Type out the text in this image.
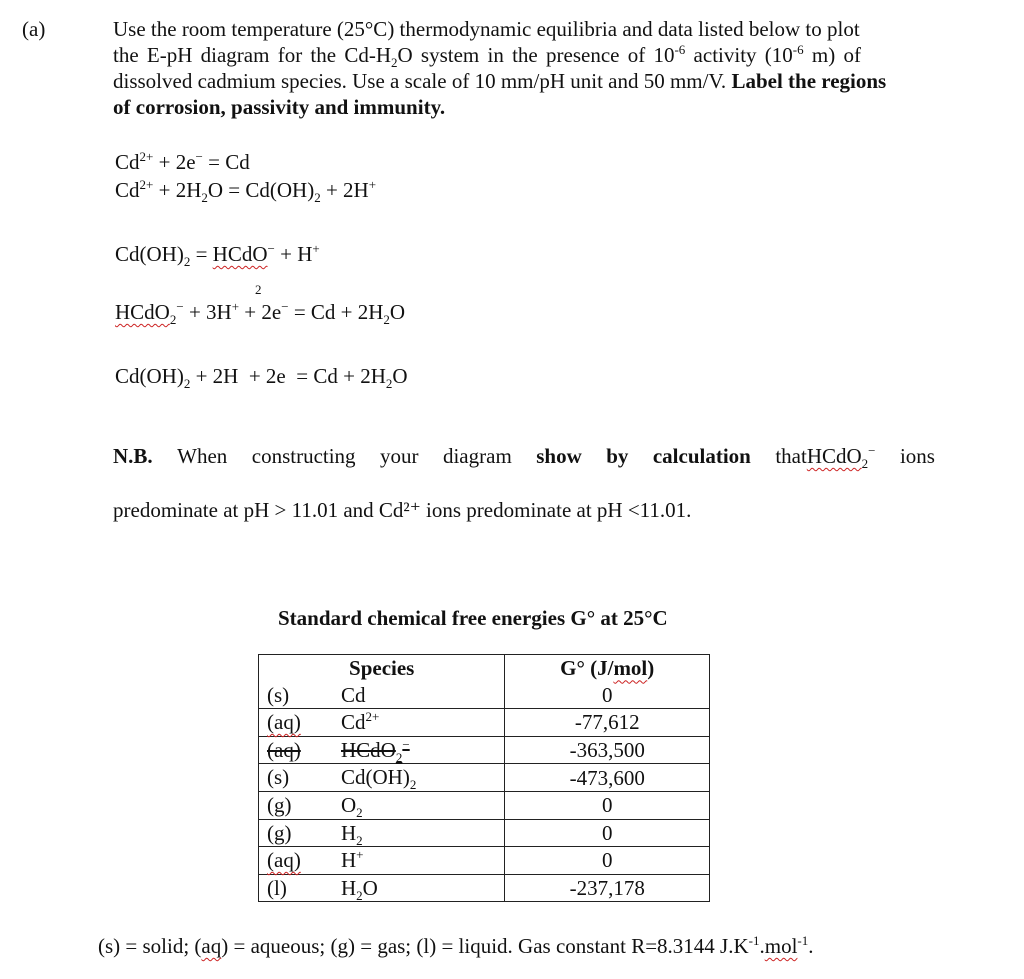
(a)	Use the room temperature (25°C) thermodynamic equilibria and data listed below to plot
the E-pH diagram for the $Cd-H_2O$ system in the presence of $10^{-6}$ activity ($10^{-6}$ m) of
dissolved cadmium species. Use a scale of 10 mm/pH unit and 50 mm/V. Label the regions
of corrosion, passivity and immunity.
$Cd^{2+} + 2e^- = Cd$
$Cd^{2+} + 2H_2O = Cd(OH)_2 + 2H^+$
$Cd(OH)_2$ = HCdO− + H+
2
HCdO$_2$− + $3H^+ + 2e^- = Cd + 2H_2O$
$Cd(OH)_2 + 2H + 2e = Cd + 2H_2O$
N.B. When constructing your diagram show by calculation thatHCdO$_2$− ions
predominate at pH > 11.01 and Cd²⁺ ions predominate at pH <11.01.
Standard chemical free energies G° at 25°C
Species	G° (J/mol)

(s) Cd	0

(aq) $Cd^{2+}$	-77,612

(aq) HCdO$_2$−	-363,500

(s) $Cd(OH)_2$	-473,600

(g) $O_2$	0

(g) $H_2$	0

(aq) H+	0

(l) $H_2O$	-237,178
(s) = solid; (aq) = aqueous; (g) = gas; (l) = liquid. Gas constant R=8.3144 $J.K^{-1}.mol^{-1}$.
